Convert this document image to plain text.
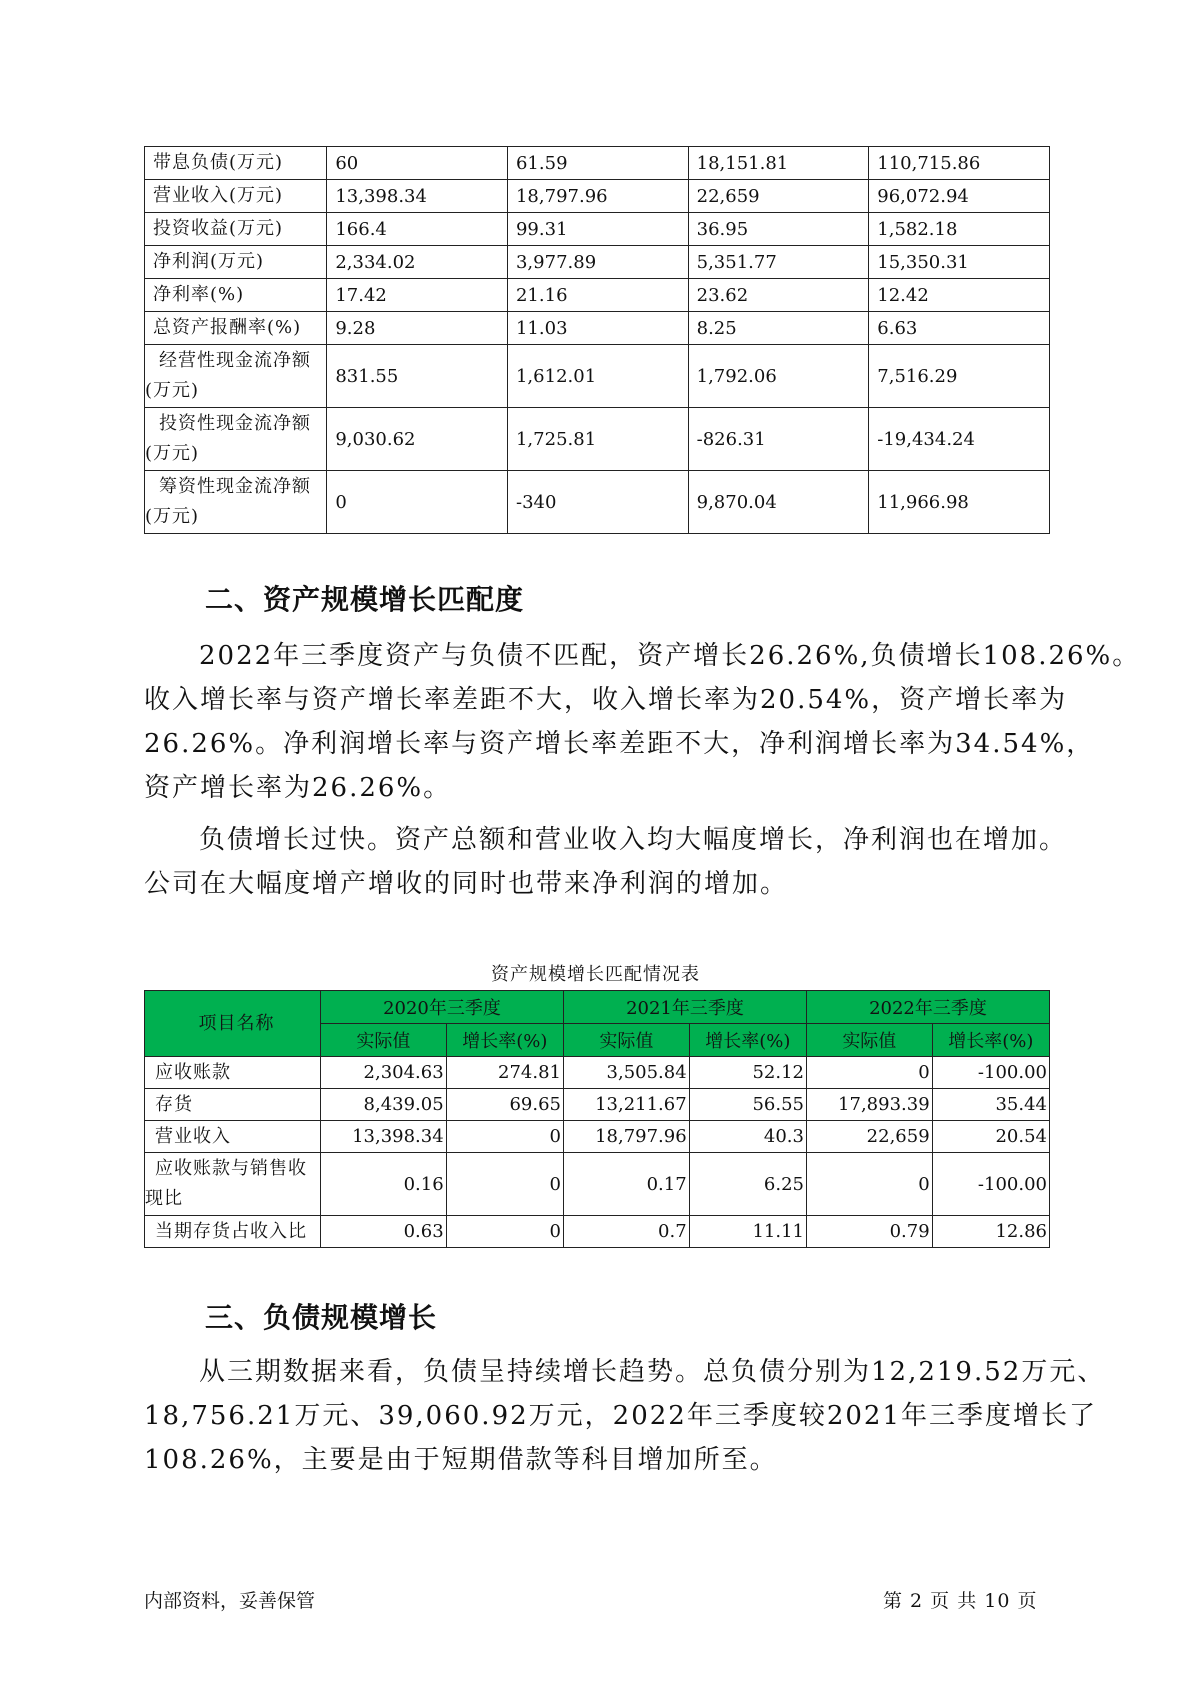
带息负债(万元)	60	61.59	18,151.81	110,715.86
营业收入(万元)	13,398.34	18,797.96	22,659	96,072.94
投资收益(万元)	166.4	99.31	36.95	1,582.18
净利润(万元)	2,334.02	3,977.89	5,351.77	15,350.31
净利率(%)	17.42	21.16	23.62	12.42
总资产报酬率(%)	9.28	11.03	8.25	6.63

经营性现金流净额
(万元)	831.55	1,612.01	1,792.06	7,516.29

投资性现金流净额
(万元)	9,030.62	1,725.81	-826.31	-19,434.24

筹资性现金流净额
(万元)	0	-340	9,870.04	11,966.98
二、资产规模增长匹配度
2022年三季度资产与负债不匹配，资产增长26.26%,负债增长108.26%。
收入增长率与资产增长率差距不大，收入增长率为20.54%，资产增长率为
26.26%。净利润增长率与资产增长率差距不大，净利润增长率为34.54%，
资产增长率为26.26%。
负债增长过快。资产总额和营业收入均大幅度增长，净利润也在增加。
公司在大幅度增产增收的同时也带来净利润的增加。
资产规模增长匹配情况表
项目名称	2020年三季度		2021年三季度		2022年三季度	
	实际值	增长率(%)	实际值	增长率(%)	实际值	增长率(%)
应收账款	2,304.63	274.81	3,505.84	52.12	0	-100.00
存货	8,439.05	69.65	13,211.67	56.55	17,893.39	35.44
营业收入	13,398.34	0	18,797.96	40.3	22,659	20.54

应收账款与销售收
现比	0.16	0	0.17	6.25	0	-100.00
当期存货占收入比	0.63	0	0.7	11.11	0.79	12.86
三、负债规模增长
从三期数据来看，负债呈持续增长趋势。总负债分别为12,219.52万元、
18,756.21万元、39,060.92万元，2022年三季度较2021年三季度增长了
108.26%，主要是由于短期借款等科目增加所至。
内部资料，妥善保管	第 2 页 共 10 页
